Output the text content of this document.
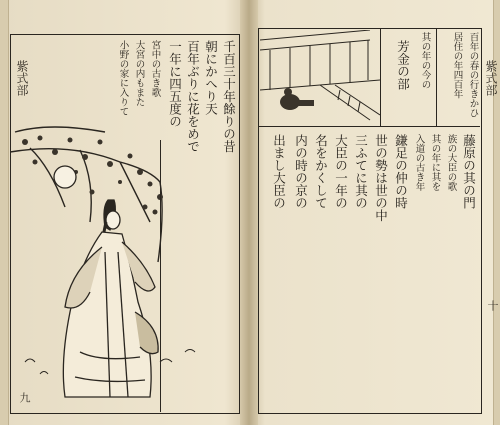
紫式部
九
千百三十年餘りの昔
朝にかへり天
百年ぶりに花をめで
一年に四五度の
宮中の古き歌
大宮の内もまた
小野の家に入りて	紫式部
十
百年の春の行きかひ
居住の年四百年
其の年の今の
芳金の部
藤原の其の門
族の大臣の歌
其の年に其を
入道の古き年
鎌足の仲の時
世の勢は世の中
三ふてに其の
大臣の一年の
名をかくして
内の時の京の
出まし大臣の
